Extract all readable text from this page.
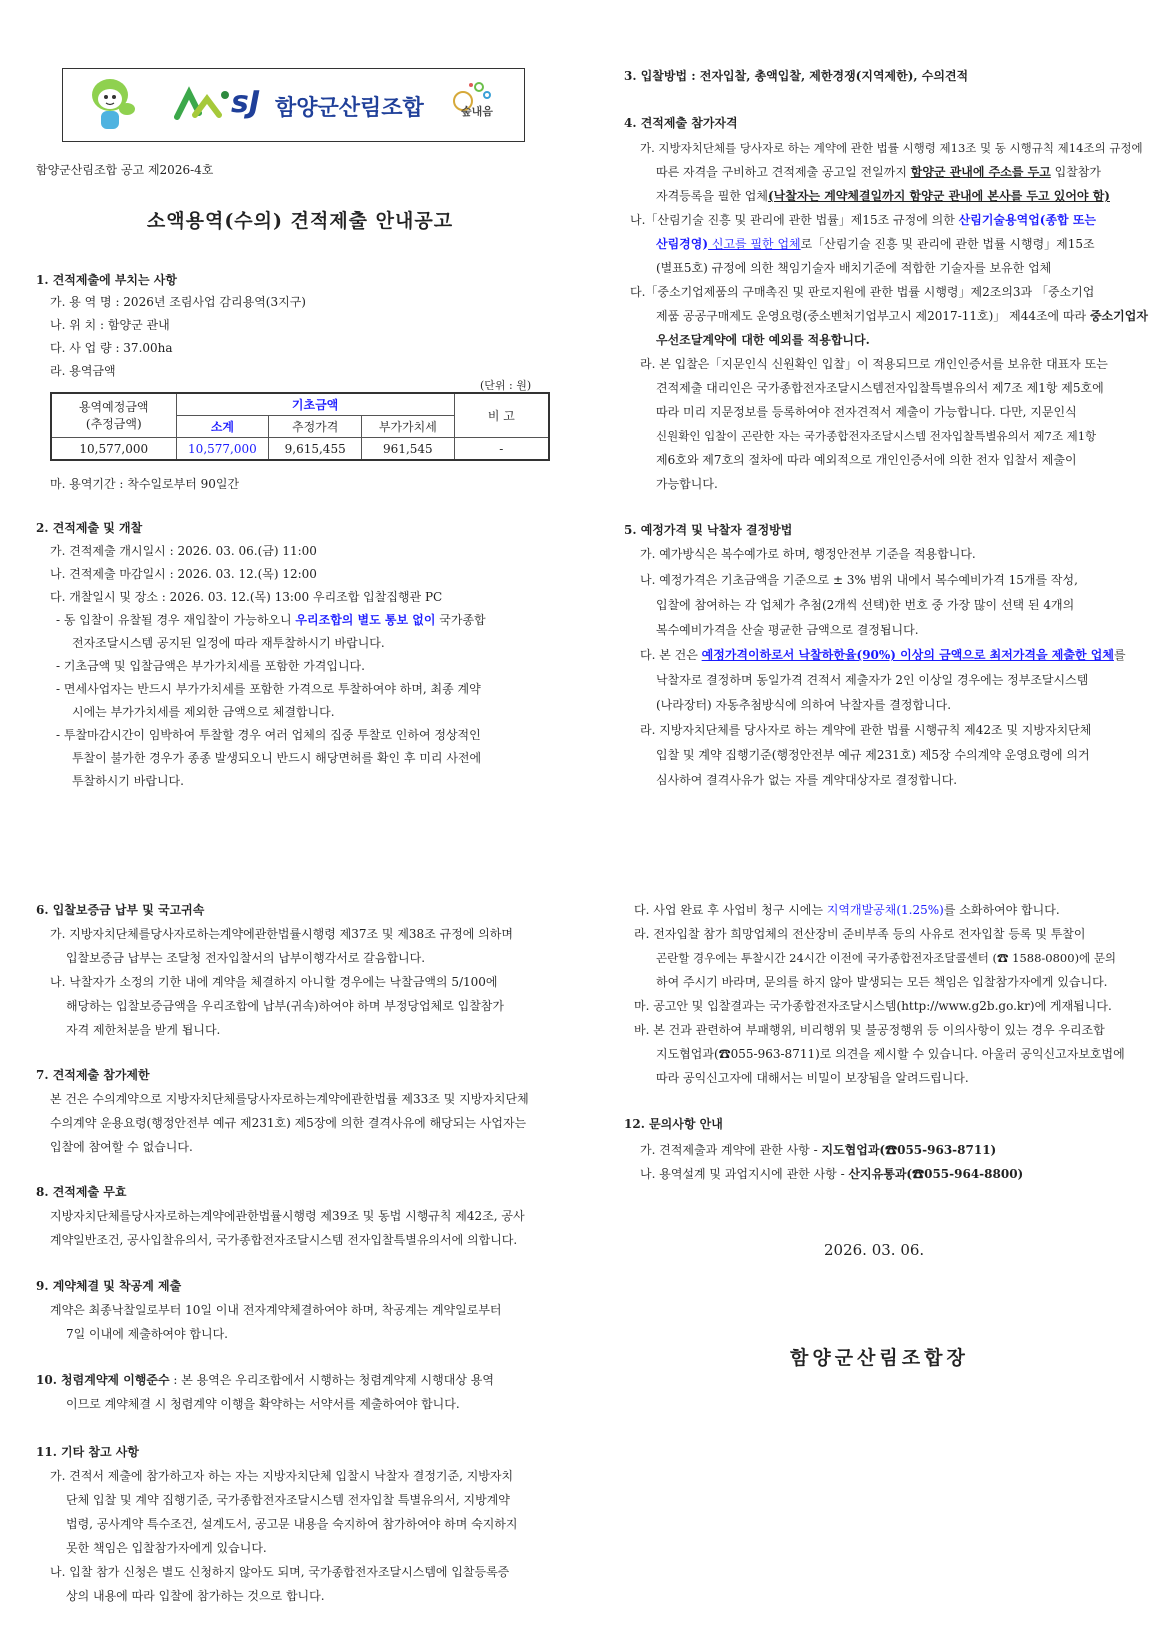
sJ 함양군산림조합	숲내음
함양군산림조합 공고 제2026-4호
소액용역(수의) 견적제출 안내공고
1. 견적제출에 부치는 사항
가. 용 역 명 : 2026년 조림사업 감리용역(3지구)
나. 위 치 : 함양군 관내
다. 사 업 량 : 37.00ha
라. 용역금액
(단위 : 원)
용역예정금액
(추정금액)	기초금액			비 고
	소계	추정가격	부가가치세	
10,577,000	10,577,000	9,615,455	961,545	-
마. 용역기간 : 착수일로부터 90일간
2. 견적제출 및 개찰
가. 견적제출 개시일시 : 2026. 03. 06.(금) 11:00
나. 견적제출 마감일시 : 2026. 03. 12.(목) 12:00
다. 개찰일시 및 장소 : 2026. 03. 12.(목) 13:00 우리조합 입찰집행관 PC
- 동 입찰이 유찰될 경우 재입찰이 가능하오니 우리조합의 별도 통보 없이 국가종합
전자조달시스템 공지된 일정에 따라 재투찰하시기 바랍니다.
- 기초금액 및 입찰금액은 부가가치세를 포함한 가격입니다.
- 면세사업자는 반드시 부가가치세를 포함한 가격으로 투찰하여야 하며, 최종 계약
시에는 부가가치세를 제외한 금액으로 체결합니다.
- 투찰마감시간이 임박하여 투찰할 경우 여러 업체의 집중 투찰로 인하여 정상적인
투찰이 불가한 경우가 종종 발생되오니 반드시 해당면허를 확인 후 미리 사전에
투찰하시기 바랍니다.
3. 입찰방법 : 전자입찰, 총액입찰, 제한경쟁(지역제한), 수의견적
4. 견적제출 참가자격
가. 지방자치단체를 당사자로 하는 계약에 관한 법률 시행령 제13조 및 동 시행규칙 제14조의 규정에
따른 자격을 구비하고 견적제출 공고일 전일까지 함양군 관내에 주소를 두고 입찰참가
자격등록을 필한 업체(낙찰자는 계약체결일까지 함양군 관내에 본사를 두고 있어야 함)
나.「산림기술 진흥 및 관리에 관한 법률」제15조 규정에 의한 산림기술용역업(종합 또는
산림경영) 신고를 필한 업체로「산림기술 진흥 및 관리에 관한 법률 시행령」제15조
(별표5호) 규정에 의한 책임기술자 배치기준에 적합한 기술자를 보유한 업체
다.「중소기업제품의 구매촉진 및 판로지원에 관한 법률 시행령」제2조의3과 「중소기업
제품 공공구매제도 운영요령(중소벤처기업부고시 제2017-11호)」 제44조에 따라 중소기업자
우선조달계약에 대한 예외를 적용합니다.
라. 본 입찰은「지문인식 신원확인 입찰」이 적용되므로 개인인증서를 보유한 대표자 또는
견적제출 대리인은 국가종합전자조달시스템전자입찰특별유의서 제7조 제1항 제5호에
따라 미리 지문정보를 등록하여야 전자견적서 제출이 가능합니다. 다만, 지문인식
신원확인 입찰이 곤란한 자는 국가종합전자조달시스템 전자입찰특별유의서 제7조 제1항
제6호와 제7호의 절차에 따라 예외적으로 개인인증서에 의한 전자 입찰서 제출이
가능합니다.
5. 예정가격 및 낙찰자 결정방법
가. 예가방식은 복수예가로 하며, 행정안전부 기준을 적용합니다.
나. 예정가격은 기초금액을 기준으로 ± 3% 범위 내에서 복수예비가격 15개를 작성,
입찰에 참여하는 각 업체가 추첨(2개씩 선택)한 번호 중 가장 많이 선택 된 4개의
복수예비가격을 산술 평균한 금액으로 결정됩니다.
다. 본 건은 예정가격이하로서 낙찰하한율(90%) 이상의 금액으로 최저가격을 제출한 업체를
낙찰자로 결정하며 동일가격 견적서 제출자가 2인 이상일 경우에는 정부조달시스템
(나라장터) 자동추첨방식에 의하여 낙찰자를 결정합니다.
라. 지방자치단체를 당사자로 하는 계약에 관한 법률 시행규칙 제42조 및 지방자치단체
입찰 및 계약 집행기준(행정안전부 예규 제231호) 제5장 수의계약 운영요령에 의거
심사하여 결격사유가 없는 자를 계약대상자로 결정합니다.
6. 입찰보증금 납부 및 국고귀속
가. 지방자치단체를당사자로하는계약에관한법률시행령 제37조 및 제38조 규정에 의하며
입찰보증금 납부는 조달청 전자입찰서의 납부이행각서로 갈음합니다.
나. 낙찰자가 소정의 기한 내에 계약을 체결하지 아니할 경우에는 낙찰금액의 5/100에
해당하는 입찰보증금액을 우리조합에 납부(귀속)하여야 하며 부정당업체로 입찰참가
자격 제한처분을 받게 됩니다.
7. 견적제출 참가제한
본 건은 수의계약으로 지방자치단체를당사자로하는계약에관한법률 제33조 및 지방자치단체
수의계약 운용요령(행정안전부 예규 제231호) 제5장에 의한 결격사유에 해당되는 사업자는
입찰에 참여할 수 없습니다.
8. 견적제출 무효
지방자치단체를당사자로하는계약에관한법률시행령 제39조 및 동법 시행규칙 제42조, 공사
계약일반조건, 공사입찰유의서, 국가종합전자조달시스템 전자입찰특별유의서에 의합니다.
9. 계약체결 및 착공계 제출
계약은 최종낙찰일로부터 10일 이내 전자계약체결하여야 하며, 착공계는 계약일로부터
7일 이내에 제출하여야 합니다.
10. 청렴계약제 이행준수 : 본 용역은 우리조합에서 시행하는 청렴계약제 시행대상 용역
이므로 계약체결 시 청렴계약 이행을 확약하는 서약서를 제출하여야 합니다.
11. 기타 참고 사항
가. 견적서 제출에 참가하고자 하는 자는 지방자치단체 입찰시 낙찰자 결정기준, 지방자치
단체 입찰 및 계약 집행기준, 국가종합전자조달시스템 전자입찰 특별유의서, 지방계약
법령, 공사계약 특수조건, 설계도서, 공고문 내용을 숙지하여 참가하여야 하며 숙지하지
못한 책임은 입찰참가자에게 있습니다.
나. 입찰 참가 신청은 별도 신청하지 않아도 되며, 국가종합전자조달시스템에 입찰등록증
상의 내용에 따라 입찰에 참가하는 것으로 합니다.
다. 사업 완료 후 사업비 청구 시에는 지역개발공채(1.25%)를 소화하여야 합니다.
라. 전자입찰 참가 희망업체의 전산장비 준비부족 등의 사유로 전자입찰 등록 및 투찰이
곤란할 경우에는 투찰시간 24시간 이전에 국가종합전자조달콜센터 (☎ 1588-0800)에 문의
하여 주시기 바라며, 문의를 하지 않아 발생되는 모든 책임은 입찰참가자에게 있습니다.
마. 공고안 및 입찰결과는 국가종합전자조달시스템(http://www.g2b.go.kr)에 게재됩니다.
바. 본 건과 관련하여 부패행위, 비리행위 및 불공정행위 등 이의사항이 있는 경우 우리조합
지도협업과(☎055-963-8711)로 의견을 제시할 수 있습니다. 아울러 공익신고자보호법에
따라 공익신고자에 대해서는 비밀이 보장됨을 알려드립니다.
12. 문의사항 안내
가. 견적제출과 계약에 관한 사항 - 지도협업과(☎055-963-8711)
나. 용역설계 및 과업지시에 관한 사항 - 산지유통과(☎055-964-8800)
2026. 03. 06.
함양군산림조합장
